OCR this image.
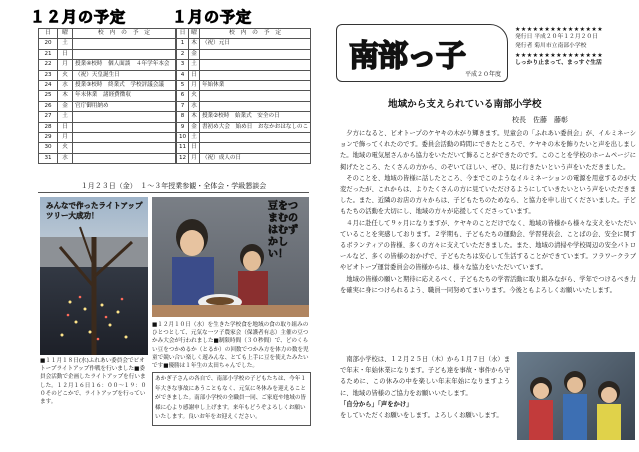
１２月の予定	１月の予定
日	曜	校　内　の　予　定
20	土	
21	日	
22	月	授業④校時　個人面談　４年学年本会
23	火	（祝）天皇誕生日
24	水	授業③校時　終業式　学校評議会議
25	木	年末休業　諸経費徴収
26	金	官庁御用納め
27	土	
28	日	
29	月	
30	火	
31	水	
日	曜	校　内　の　予　定
1	木	（祝）元日
2	金	
3	土	
4	日	
5	月	年始休業
6	火	
7	水	
8	木	授業②校時　始業式　安全の日
9	金	書初め大会　始め日　おなかおはなしのこ
10	土	
11	日	
12	月	（祝）成人の日
１月２３日（金）　１～３年授業参観・全体会・学級懇談会
みんなで作ったライトアップツリー大成功！
■１１月１８日(水)ふれあい委員会でビオトープライトアップ作戦を行いました■委員会活動で企画したライトアップを行いました。１２月１６日１６：００～１９：００そのどこかで、ライトアップを行っています。
豆をつまむのはむずかしい！
■１２月１０日（水）を生きた学校食を地域の食の取り組みのひとつとして、元気な一ツ子農家会（保護者有志）主催の豆つかみ大会が行われました■制限時間（３０秒間）で、どのくらい豆をつかめるか（とるか）の回数でつかみ方を体力の数を児童で競い合い楽しく遊みんな、とても上手に豆を使えたみたいです■優勝は１年生の太田ちゃんでした。
あかぎ子さんの各自で、南部小学校の子どもたちは、今年１年大きな事故にあうこともなく、元気に冬休みを迎えることができました。南部小学校の全職員一同、ご家庭や地域の皆様に心より感謝申し上げます。来年もどうぞよろしくお願いいたします。良いお年をお迎えください。
南部っ子
平成２０年度
★★★★★★★★★★★★★★★
発行日 平成２０年１２月２０日
発行者 菊川市立南部小学校
★★★★★★★★★★★★★★★
しっかり止まって、まっすぐ生活
地域から支えられている南部小学校
校長　佐藤　藤彰

夕方になると、ビオトープのケヤキの木がり輝きます。児童会の「ふれあい委員会」が、イルミネーションで飾ってくれたのです。委員会活動の時間にできたところで、ケヤキの木を飾りたいと声を出しました。地域の電気屋さんから協力をいただいて飾ることができたのです。このことを学校のホームページに掲げたところ、たくさんの方から、のぞいてほしい、ぜひ、見に行きたいという声をいただきました。

そのことを、地域の皆様に話したところ、今までこのようなイルミネーションの電源を用意するのが大変だったが、これからは、よりたくさんの方に見ていただけるようにしていきたいという声をいただきました。また、近隣のお店の方々からは、子どもたちのためなら、と協力を申し出てくださいました。子どもたちの活動を大切にし、地域の方々が応援してくださっています。

４月に赴任して９ヶ月になりますが、ケヤキのことだけでなく、地域の皆様から様々な支えをいただいていることを実感しております。２学期も、子どもたちの運動会、学習発表会、ことばの会、安全に関するボランティアの皆様、多くの方々に支えていただきました。また、地域の清掃や学校周辺の安全パトロールなど、多くの皆様のおかげで、子どもたちは安心して生活することができています。フラワークラブやビオトープ運営委員会の皆様からは、様々な協力をいただいています。

地域の皆様の願いと期待に応えるべく、子どもたちの学習活動に取り組みながら、学年でつけるべき力を確実に身につけられるよう、職員一同努めてまいります。今後ともよろしくお願いいたします。

南部小学校は、１２月２５日（木）から１月７日（水）まで年末・年始休業になります。子ども達を事故・事件から守るために、この休みの中を楽しい年末年始になりますように、地域の皆様のご協力をお願いいたします。

「自分から」「声をかけ」
をしていただくお願いをします。よろしくお願いします。
